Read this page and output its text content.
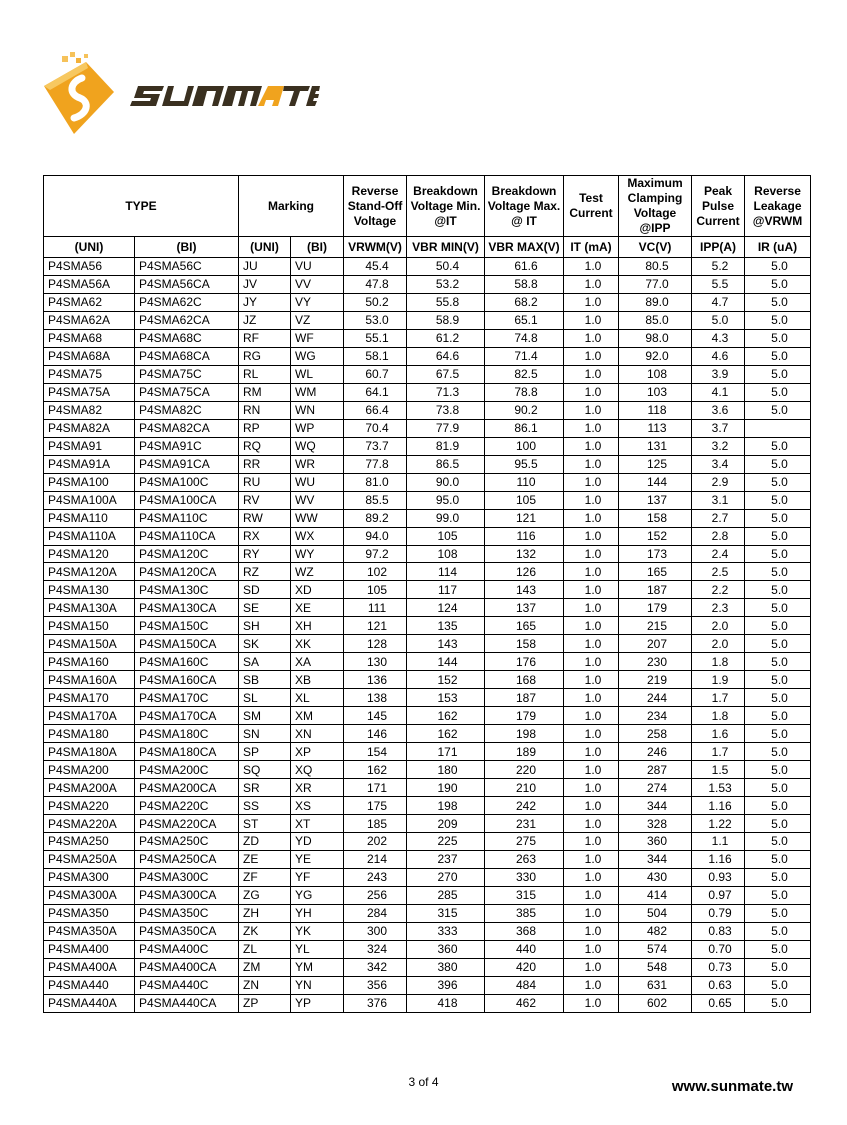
TYPE		Marking		Reverse Stand-Off Voltage	Breakdown Voltage Min. @IT	Breakdown Voltage Max. @ IT	Test Current	Maximum Clamping Voltage @IPP	Peak Pulse Current	Reverse Leakage @VRWM
(UNI)	(BI)	(UNI)	(BI)	VRWM(V)	VBR MIN(V)	VBR MAX(V)	IT (mA)	VC(V)	IPP(A)	IR (uA)
P4SMA56	P4SMA56C	JU	VU	45.4	50.4	61.6	1.0	80.5	5.2	5.0
P4SMA56A	P4SMA56CA	JV	VV	47.8	53.2	58.8	1.0	77.0	5.5	5.0
P4SMA62	P4SMA62C	JY	VY	50.2	55.8	68.2	1.0	89.0	4.7	5.0
P4SMA62A	P4SMA62CA	JZ	VZ	53.0	58.9	65.1	1.0	85.0	5.0	5.0
P4SMA68	P4SMA68C	RF	WF	55.1	61.2	74.8	1.0	98.0	4.3	5.0
P4SMA68A	P4SMA68CA	RG	WG	58.1	64.6	71.4	1.0	92.0	4.6	5.0
P4SMA75	P4SMA75C	RL	WL	60.7	67.5	82.5	1.0	108	3.9	5.0
P4SMA75A	P4SMA75CA	RM	WM	64.1	71.3	78.8	1.0	103	4.1	5.0
P4SMA82	P4SMA82C	RN	WN	66.4	73.8	90.2	1.0	118	3.6	5.0
P4SMA82A	P4SMA82CA	RP	WP	70.4	77.9	86.1	1.0	113	3.7	
P4SMA91	P4SMA91C	RQ	WQ	73.7	81.9	100	1.0	131	3.2	5.0
P4SMA91A	P4SMA91CA	RR	WR	77.8	86.5	95.5	1.0	125	3.4	5.0
P4SMA100	P4SMA100C	RU	WU	81.0	90.0	110	1.0	144	2.9	5.0
P4SMA100A	P4SMA100CA	RV	WV	85.5	95.0	105	1.0	137	3.1	5.0
P4SMA110	P4SMA110C	RW	WW	89.2	99.0	121	1.0	158	2.7	5.0
P4SMA110A	P4SMA110CA	RX	WX	94.0	105	116	1.0	152	2.8	5.0
P4SMA120	P4SMA120C	RY	WY	97.2	108	132	1.0	173	2.4	5.0
P4SMA120A	P4SMA120CA	RZ	WZ	102	114	126	1.0	165	2.5	5.0
P4SMA130	P4SMA130C	SD	XD	105	117	143	1.0	187	2.2	5.0
P4SMA130A	P4SMA130CA	SE	XE	111	124	137	1.0	179	2.3	5.0
P4SMA150	P4SMA150C	SH	XH	121	135	165	1.0	215	2.0	5.0
P4SMA150A	P4SMA150CA	SK	XK	128	143	158	1.0	207	2.0	5.0
P4SMA160	P4SMA160C	SA	XA	130	144	176	1.0	230	1.8	5.0
P4SMA160A	P4SMA160CA	SB	XB	136	152	168	1.0	219	1.9	5.0
P4SMA170	P4SMA170C	SL	XL	138	153	187	1.0	244	1.7	5.0
P4SMA170A	P4SMA170CA	SM	XM	145	162	179	1.0	234	1.8	5.0
P4SMA180	P4SMA180C	SN	XN	146	162	198	1.0	258	1.6	5.0
P4SMA180A	P4SMA180CA	SP	XP	154	171	189	1.0	246	1.7	5.0
P4SMA200	P4SMA200C	SQ	XQ	162	180	220	1.0	287	1.5	5.0
P4SMA200A	P4SMA200CA	SR	XR	171	190	210	1.0	274	1.53	5.0
P4SMA220	P4SMA220C	SS	XS	175	198	242	1.0	344	1.16	5.0
P4SMA220A	P4SMA220CA	ST	XT	185	209	231	1.0	328	1.22	5.0
P4SMA250	P4SMA250C	ZD	YD	202	225	275	1.0	360	1.1	5.0
P4SMA250A	P4SMA250CA	ZE	YE	214	237	263	1.0	344	1.16	5.0
P4SMA300	P4SMA300C	ZF	YF	243	270	330	1.0	430	0.93	5.0
P4SMA300A	P4SMA300CA	ZG	YG	256	285	315	1.0	414	0.97	5.0
P4SMA350	P4SMA350C	ZH	YH	284	315	385	1.0	504	0.79	5.0
P4SMA350A	P4SMA350CA	ZK	YK	300	333	368	1.0	482	0.83	5.0
P4SMA400	P4SMA400C	ZL	YL	324	360	440	1.0	574	0.70	5.0
P4SMA400A	P4SMA400CA	ZM	YM	342	380	420	1.0	548	0.73	5.0
P4SMA440	P4SMA440C	ZN	YN	356	396	484	1.0	631	0.63	5.0
P4SMA440A	P4SMA440CA	ZP	YP	376	418	462	1.0	602	0.65	5.0
3 of 4	www.sunmate.tw
